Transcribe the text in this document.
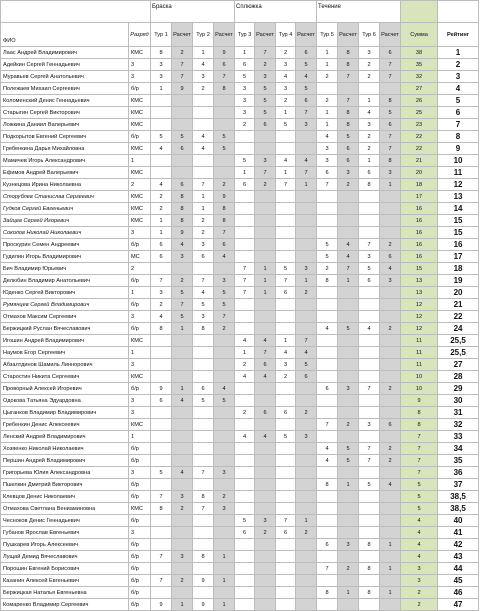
		Браска				Сплюжка				Течение					
ФИО	Разряд	Тур 1	Расчет	Тур 2	Расчет	Тур 3	Расчет	Тур 4	Расчет	Тур 5	Расчет	Тур 6	Расчет	Сумма	Рейтинг
Лаас Андрей Владимирович	КМС	8	2	1	9	1	7	2	6	1	8	3	6	38	1
Адейкин Сергей Геннадьевич	3	3	7	4	6	6	2	3	5	1	8	2	7	35	2
Муравьев Сергей Анатольевич	3	3	7	3	7	5	3	4	4	2	7	2	7	32	3
Полежаев Михаил Сергеевич	б/р	1	9	2	8	3	5	3	5					27	4
Коломенский Денис Геннадьевич	КМС					3	5	2	6	2	7	1	8	26	5
Старыгин Сергей Викторович	КМС					3	5	1	7	1	8	4	5	25	6
Ложкина Даниил Валерьевич	КМС					2	6	5	3	1	8	3	6	23	7
Подкорытов Евгений Сергеевич	б/р	5	5	4	5					4	5	2	7	22	8
Гребенкина Дарья Михайловна	КМС	4	6	4	5					3	6	2	7	22	9
Мамичев Игорь Александрович	1					5	3	4	4	3	6	1	8	21	10
Ефимов Андрей Валерьевич	КМС					1	7	1	7	6	3	6	3	20	11
Кузнецова Ирина Николаевна	2	4	6	7	2	6	2	7	1	7	2	8	1	18	12
Сторублев Станислав Сергеевич	КМС	2	8	1	9									17	13
Гудков Сергей Евгеньевич	КМС	2	8	1	8									16	14
Зайцев Сергей Игоревич	КМС	1	8	2	8									16	15
Соколов Николай Николаевич	3	1	9	2	7									16	15
Проскурин Семен Андреевич	б/р	6	4	3	6					5	4	7	2	16	16
Гудилин Игорь Владимирович	МС	6	3	6	4					5	4	3	6	16	17
Бич Владимир Юрьевич	2					7	1	5	3	2	7	5	4	15	18
Делюбин Владимир Анатольевич	б/р	7	2	7	3	7	1	7	1	8	1	6	3	13	19
Юденко Сергей Викторович	1	3	5	4	5	7	1	6	2					13	20
Румянцев Сергей Владимирович	б/р	2	7	5	5									12	21
Отмахов Максим Сергеевич	3	4	5	3	7									12	22
Бержицкий Руслан Вячеславович	б/р	8	1	8	2					4	5	4	2	12	24
Игошин Андрей Владимирович	КМС					4	4	1	7					11	25,5
Наумов Егор Сергеевич	1					1	7	4	4					11	25,5
Абзалтдинов Шамиль Линнорович	3					2	6	3	5					11	27
Старостин Никита Сергеевич	КМС					4	4	2	6					10	28
Проворный Алексей Игоревич	б/р	9	1	6	4					6	3	7	2	10	29
Одокова Татьяна Эдуардовна	3	6	4	5	5									9	30
Цыганков Владимир Владимирович	3					2	6	6	2					8	31
Гребенкин Денис Алексеевич	КМС									7	2	3	6	8	32
Ленский Андрей Владимирович	1					4	4	5	3					7	33
Хозяенко Николай Николаевич	б/р									4	5	7	2	7	34
Першин Андрей Владимирович	б/р									4	5	7	2	7	35
Григорьева Юлия Александровна	3	5	4	7	3									7	36
Пшелкин Дмитрий Викторович	б/р									8	1	5	4	5	37
Клевцов Денис Николаевич	б/р	7	3	8	2									5	38,5
Отмахова Светлана Вениаминовна	КМС	8	2	7	3									5	38,5
Чесноков Денис Геннадьевич	б/р					5	3	7	1					4	40
Губанов Ярослав Евгеньевич	3					6	2	6	2					4	41
Пушкарев Игорь Алексеевич	б/р									6	3	8	1	4	42
Лущай Демид Вячеславович	б/р	7	3	8	1									4	43
Порошин Евгений Борисович	б/р									7	2	8	1	3	44
Казанин Алексей Евгеньевич	б/р	7	2	9	1									3	45
Бержицкая Наталья Евгеньевна	б/р									8	1	8	1	2	46
Комаренко Владимир Сергеевич	б/р	9	1	9	1									2	47
